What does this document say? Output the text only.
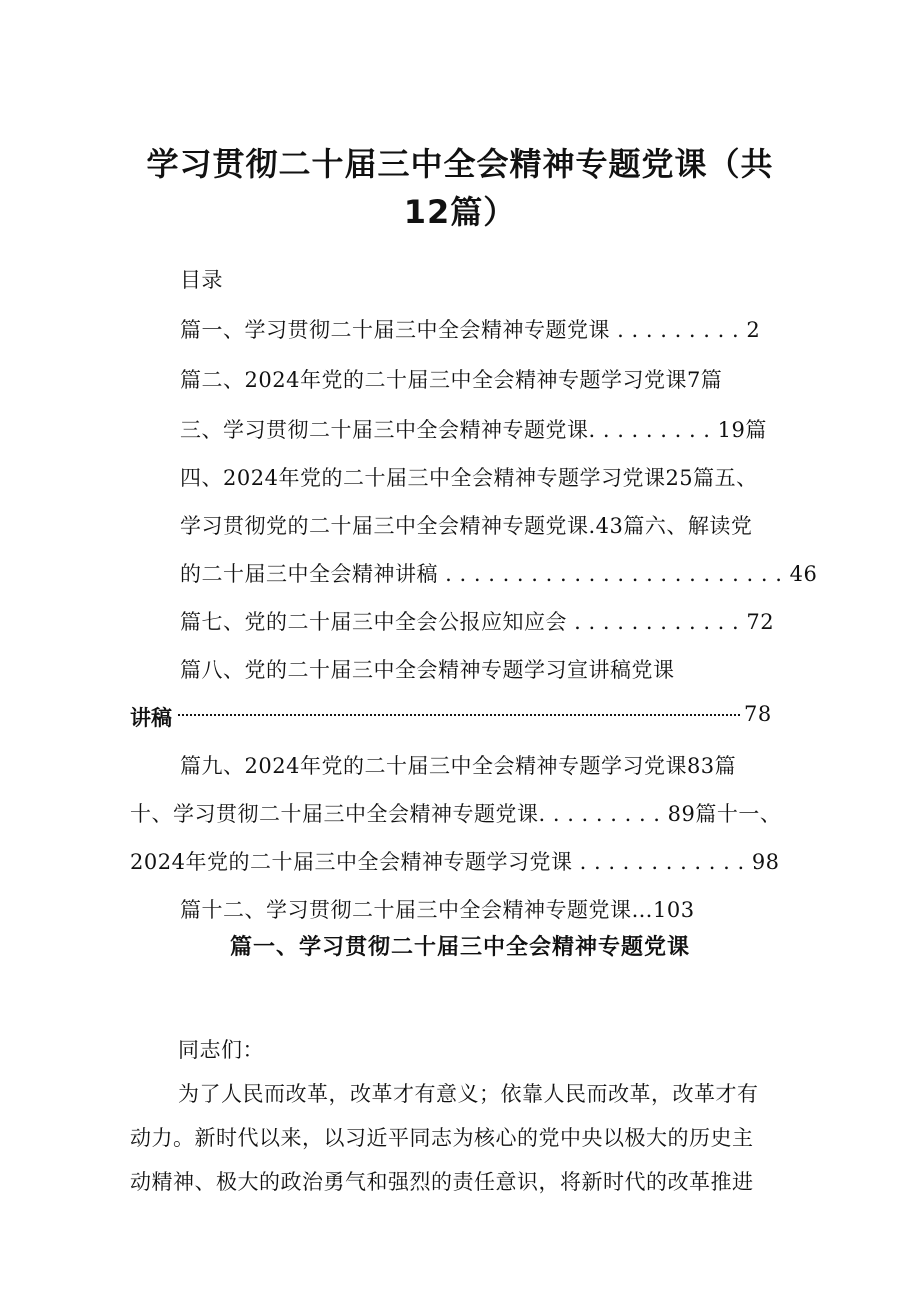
学习贯彻二十届三中全会精神专题党课（共
12篇）
目录
篇一、学习贯彻二十届三中全会精神专题党课 . . . . . . . . . 2
篇二、2024年党的二十届三中全会精神专题学习党课7篇
三、学习贯彻二十届三中全会精神专题党课. . . . . . . . . 19篇
四、2024年党的二十届三中全会精神专题学习党课25篇五、
学习贯彻党的二十届三中全会精神专题党课.43篇六、解读党
的二十届三中全会精神讲稿 . . . . . . . . . . . . . . . . . . . . . . . . 46
篇七、党的二十届三中全会公报应知应会 . . . . . . . . . . . . 72
篇八、党的二十届三中全会精神专题学习宣讲稿党课
讲稿	78
篇九、2024年党的二十届三中全会精神专题学习党课83篇
十、学习贯彻二十届三中全会精神专题党课. . . . . . . . . 89篇十一、
2024年党的二十届三中全会精神专题学习党课 . . . . . . . . . . . . 98
篇十二、学习贯彻二十届三中全会精神专题党课…103
篇一、学习贯彻二十届三中全会精神专题党课
同志们：
为了人民而改革，改革才有意义；依靠人民而改革，改革才有
动力。新时代以来，以习近平同志为核心的党中央以极大的历史主
动精神、极大的政治勇气和强烈的责任意识，将新时代的改革推进
